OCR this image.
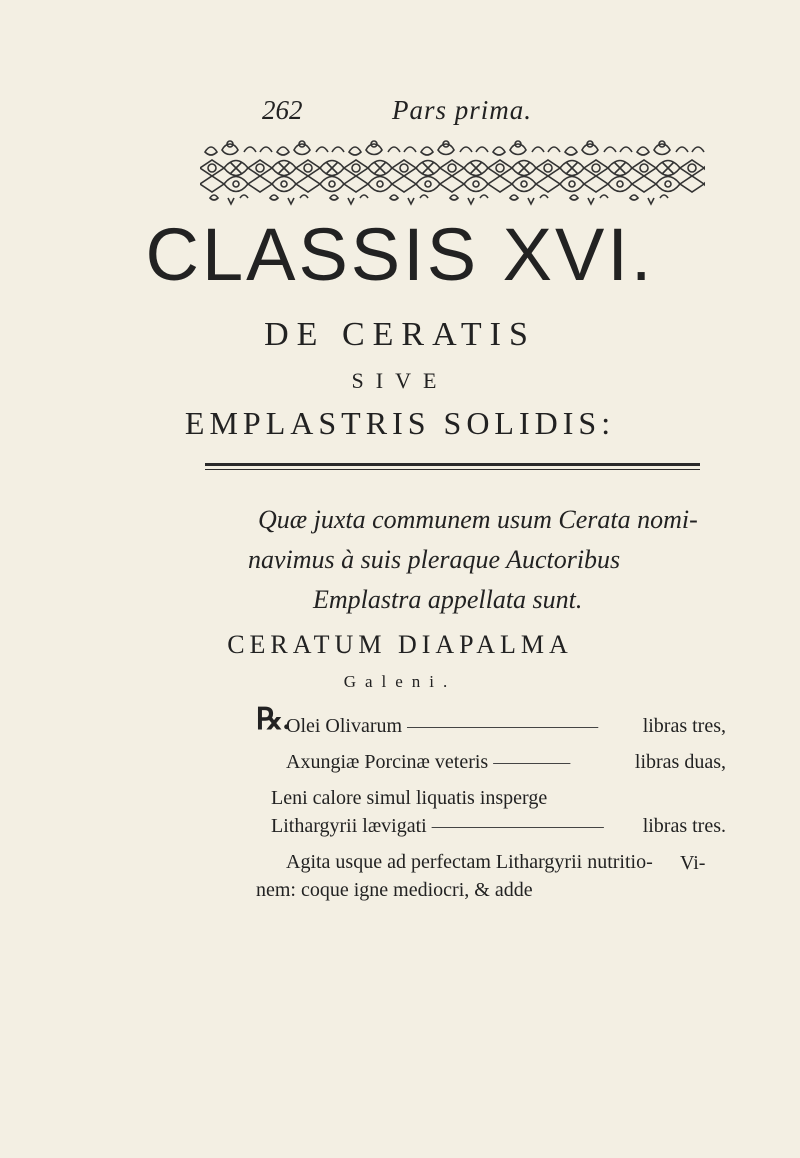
262	Pars prima.
CLASSIS XVI.
DE CERATIS
SIVE
EMPLASTRIS SOLIDIS:
Quæ juxta communem usum Cerata nomi-
navimus à suis pleraque Auctoribus
Emplastra appellata sunt.
CERATUM DIAPALMA
Galeni.
℞.
Olei Olivarum —————————— libras tres,
Axungiæ Porcinæ veteris ————	libras duas,
Leni calore simul liquatis insperge
Lithargyrii lævigati ————————— libras tres.
Agita usque ad perfectam Lithargyrii nutritio-
nem: coque igne mediocri, & adde
Vi-
